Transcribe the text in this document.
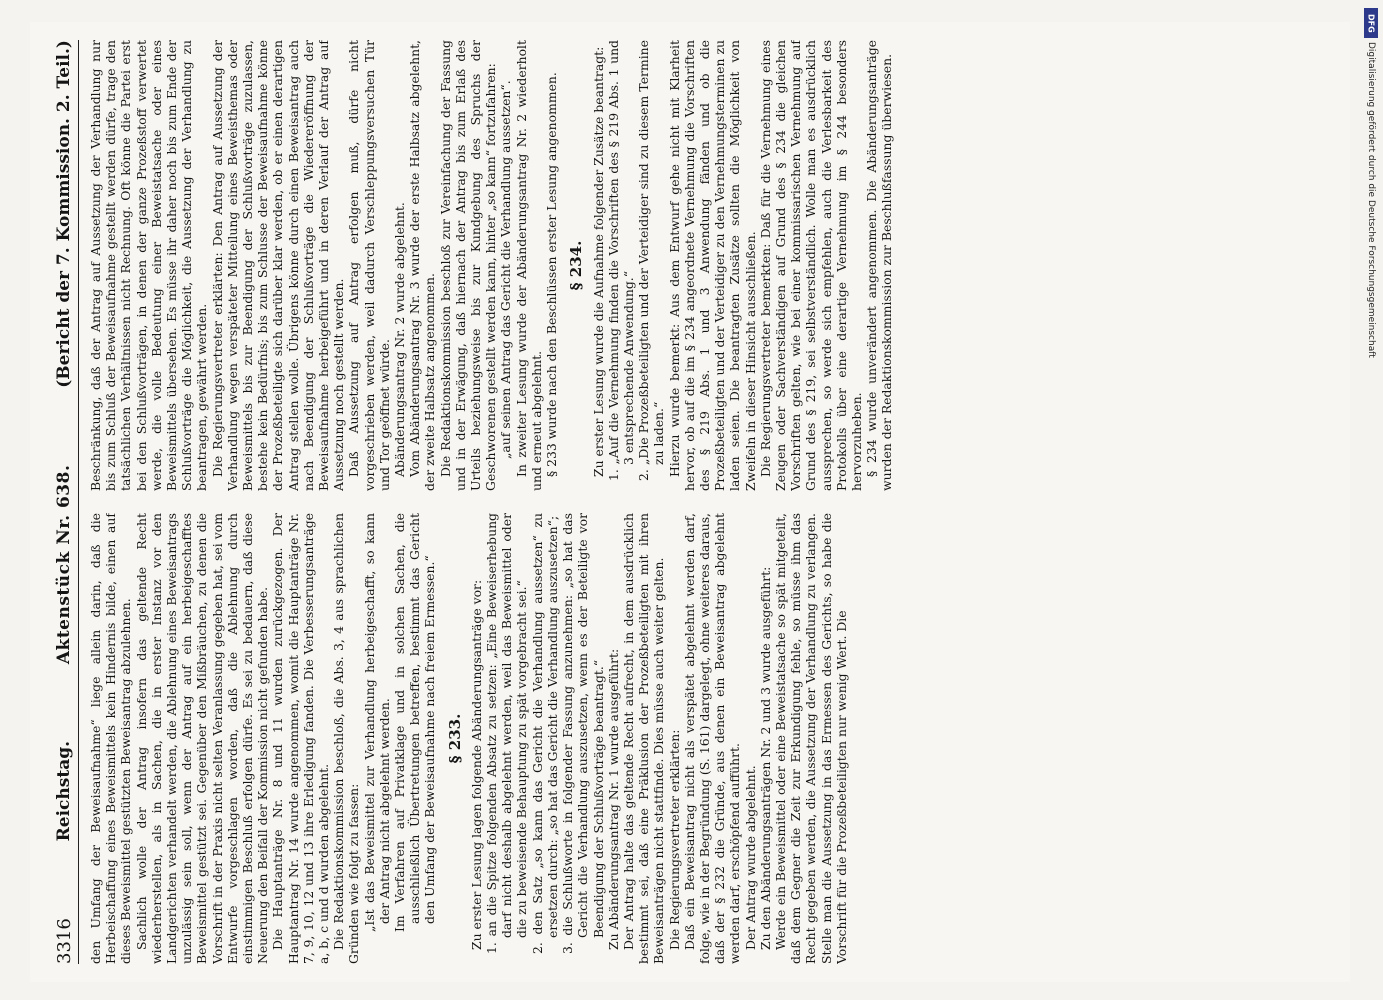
3316
Reichstag.
Aktenstück Nr. 638.
(Bericht der 7. Kommission. 2. Teil.)

den Umfang der Beweisaufnahme“ liege allein darin, daß die Herbeischaffung eines Beweismittels kein Hindernis bilde, einen auf dieses Beweismittel gestützten Beweisantrag abzulehnen. Sachlich wolle der Antrag insofern das geltende Recht wiederherstellen, als in Sachen, die in erster Instanz vor den Landgerichten verhandelt werden, die Ablehnung eines Beweisantrags unzulässig sein soll, wenn der Antrag auf ein herbeigeschafftes Beweismittel gestützt sei. Gegenüber den Mißbräuchen, zu denen die Vorschrift in der Praxis nicht selten Veranlassung gegeben hat, sei vom Entwurfe vorgeschlagen worden, daß die Ablehnung durch einstimmigen Beschluß erfolgen dürfe. Es sei zu bedauern, daß diese Neuerung den Beifall der Kommission nicht gefunden habe. Die Hauptanträge Nr. 8 und 11 wurden zurückgezogen. Der Hauptantrag Nr. 14 wurde angenommen, womit die Hauptanträge Nr. 7, 9, 10, 12 und 13 ihre Erledigung fanden. Die Verbesserungsanträge a, b, c und d wurden abgelehnt. Die Redaktionskommission beschloß, die Abs. 3, 4 aus sprachlichen Gründen wie folgt zu fassen: „Ist das Beweismittel zur Verhandlung herbeigeschafft, so kann der Antrag nicht abgelehnt werden. Im Verfahren auf Privatklage und in solchen Sachen, die ausschließlich Übertretungen betreffen, bestimmt das Gericht den Umfang der Beweisaufnahme nach freiem Ermessen.“ § 233. Zu erster Lesung lagen folgende Abänderungsanträge vor: 1. an die Spitze folgenden Absatz zu setzen: „Eine Beweiserhebung darf nicht deshalb abgelehnt werden, weil das Beweismittel oder die zu beweisende Behauptung zu spät vorgebracht sei.“ 2. den Satz „so kann das Gericht die Verhandlung aussetzen“ zu ersetzen durch: „so hat das Gericht die Verhandlung auszusetzen“; 3. die Schlußworte in folgender Fassung anzunehmen: „so hat das Gericht die Verhandlung auszusetzen, wenn es der Beteiligte vor Beendigung der Schlußvorträge beantragt.“ Zu Abänderungsantrag Nr. 1 wurde ausgeführt: Der Antrag halte das geltende Recht aufrecht, in dem ausdrücklich bestimmt sei, daß eine Präklusion der Prozeßbeteiligten mit ihren Beweisanträgen nicht stattfinde. Dies müsse auch weiter gelten. Die Regierungsvertreter erklärten: Daß ein Beweisantrag nicht als verspätet abgelehnt werden darf, folge, wie in der Begründung (S. 161) dargelegt, ohne weiteres daraus, daß der § 232 die Gründe, aus denen ein Beweisantrag abgelehnt werden darf, erschöpfend aufführt. Der Antrag wurde abgelehnt. Zu den Abänderungsanträgen Nr. 2 und 3 wurde ausgeführt: Werde ein Beweismittel oder eine Beweistatsache so spät mitgeteilt, daß dem Gegner die Zeit zur Erkundigung fehle, so müsse ihm das Recht gegeben werden, die Aussetzung der Verhandlung zu verlangen. Stelle man die Aussetzung in das Ermessen des Gerichts, so habe die Vorschrift für die Prozeßbeteiligten nur wenig Wert. Die

Beschränkung, daß der Antrag auf Aussetzung der Verhandlung nur bis zum Schluß der Beweisaufnahme gestellt werden dürfe, trage den tatsächlichen Verhältnissen nicht Rechnung. Oft könne die Partei erst bei den Schlußvorträgen, in denen der ganze Prozeßstoff verwertet werde, die volle Bedeutung einer Beweistatsache oder eines Beweismittels übersehen. Es müsse ihr daher noch bis zum Ende der Schlußvorträge die Möglichkeit, die Aussetzung der Verhandlung zu beantragen, gewährt werden. Die Regierungsvertreter erklärten: Den Antrag auf Aussetzung der Verhandlung wegen verspäteter Mitteilung eines Beweisthemas oder Beweismittels bis zur Beendigung der Schlußvorträge zuzulassen, bestehe kein Bedürfnis; bis zum Schlusse der Beweisaufnahme könne der Prozeßbeteiligte sich darüber klar werden, ob er einen derartigen Antrag stellen wolle. Übrigens könne durch einen Beweisantrag auch nach Beendigung der Schlußvorträge die Wiedereröffnung der Beweisaufnahme herbeigeführt und in deren Verlauf der Antrag auf Aussetzung noch gestellt werden. Daß Aussetzung auf Antrag erfolgen muß, dürfe nicht vorgeschrieben werden, weil dadurch Verschleppungsversuchen Tür und Tor geöffnet würde. Abänderungsantrag Nr. 2 wurde abgelehnt. Vom Abänderungsantrag Nr. 3 wurde der erste Halbsatz abgelehnt, der zweite Halbsatz angenommen. Die Redaktionskommission beschloß zur Vereinfachung der Fassung und in der Erwägung, daß hiernach der Antrag bis zum Erlaß des Urteils beziehungsweise bis zur Kundgebung des Spruchs der Geschworenen gestellt werden kann, hinter „so kann“ fortzufahren: „auf seinen Antrag das Gericht die Verhandlung aussetzen“. In zweiter Lesung wurde der Abänderungsantrag Nr. 2 wiederholt und erneut abgelehnt. § 233 wurde nach den Beschlüssen erster Lesung angenommen. § 234. Zu erster Lesung wurde die Aufnahme folgender Zusätze beantragt: 1. „Auf die Vernehmung finden die Vorschriften des § 219 Abs. 1 und 3 entsprechende Anwendung.“ 2. „Die Prozeßbeteiligten und der Verteidiger sind zu diesem Termine zu laden.“ Hierzu wurde bemerkt: Aus dem Entwurf gehe nicht mit Klarheit hervor, ob auf die im § 234 angeordnete Vernehmung die Vorschriften des § 219 Abs. 1 und 3 Anwendung fänden und ob die Prozeßbeteiligten und der Verteidiger zu den Vernehmungsterminen zu laden seien. Die beantragten Zusätze sollten die Möglichkeit von Zweifeln in dieser Hinsicht ausschließen. Die Regierungsvertreter bemerkten: Daß für die Vernehmung eines Zeugen oder Sachverständigen auf Grund des § 234 die gleichen Vorschriften gelten, wie bei einer kommissarischen Vernehmung auf Grund des § 219, sei selbstverständlich. Wolle man es ausdrücklich aussprechen, so werde sich empfehlen, auch die Verlesbarkeit des Protokolls über eine derartige Vernehmung im § 244 besonders hervorzuheben. § 234 wurde unverändert angenommen. Die Abänderungsanträge wurden der Redaktionskommission zur Beschlußfassung überwiesen.

DFG
Digitalisierung gefördert durch die Deutsche Forschungsgemeinschaft
